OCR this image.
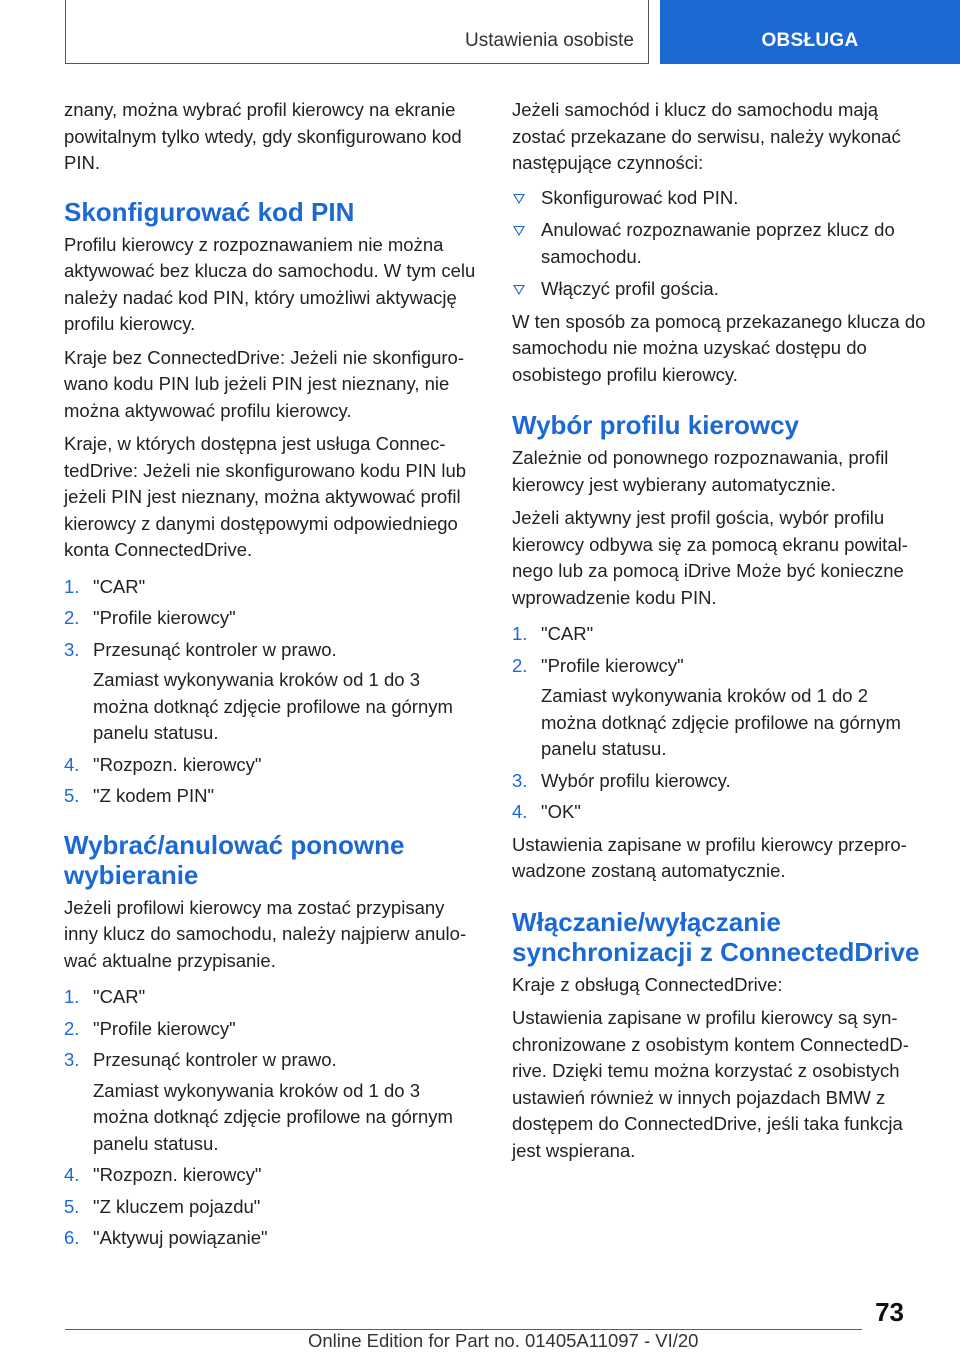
Ustawienia osobiste	OBSŁUGA

znany, można wybrać profil kierowcy na ekranie powitalnym tylko wtedy, gdy skonfigurowano kod PIN.

Skonfigurować kod PIN

Profilu kierowcy z rozpoznawaniem nie można aktywować bez klucza do samochodu. W tym celu należy nadać kod PIN, który umożliwi aktywację profilu kierowcy.

Kraje bez ConnectedDrive: Jeżeli nie skonfigurowano kodu PIN lub jeżeli PIN jest nieznany, nie można aktywować profilu kierowcy.

Kraje, w których dostępna jest usługa ConnectedDrive: Jeżeli nie skonfigurowano kodu PIN lub jeżeli PIN jest nieznany, można aktywować profil kierowcy z danymi dostępowymi odpowiedniego konta ConnectedDrive.

1. "CAR"
2. "Profile kierowcy"
3. Przesunąć kontroler w prawo.
Zamiast wykonywania kroków od 1 do 3 można dotknąć zdjęcie profilowe na górnym panelu statusu.
4. "Rozpozn. kierowcy"
5. "Z kodem PIN"
Wybrać/anulować ponowne wybieranie

Jeżeli profilowi kierowcy ma zostać przypisany inny klucz do samochodu, należy najpierw anulować aktualne przypisanie.

1. "CAR"
2. "Profile kierowcy"
3. Przesunąć kontroler w prawo.
Zamiast wykonywania kroków od 1 do 3 można dotknąć zdjęcie profilowe na górnym panelu statusu.
4. "Rozpozn. kierowcy"
5. "Z kluczem pojazdu"
6. "Aktywuj powiązanie"

Jeżeli samochód i klucz do samochodu mają zostać przekazane do serwisu, należy wykonać następujące czynności:

Skonfigurować kod PIN.
Anulować rozpoznawanie poprzez klucz do samochodu.
Włączyć profil gościa.

W ten sposób za pomocą przekazanego klucza do samochodu nie można uzyskać dostępu do osobistego profilu kierowcy.

Wybór profilu kierowcy

Zależnie od ponownego rozpoznawania, profil kierowcy jest wybierany automatycznie.

Jeżeli aktywny jest profil gościa, wybór profilu kierowcy odbywa się za pomocą ekranu powitalnego lub za pomocą iDrive Może być konieczne wprowadzenie kodu PIN.

1. "CAR"
2. "Profile kierowcy"
Zamiast wykonywania kroków od 1 do 2 można dotknąć zdjęcie profilowe na górnym panelu statusu.
3. Wybór profilu kierowcy.
4. "OK"

Ustawienia zapisane w profilu kierowcy przeprowadzone zostaną automatycznie.

Włączanie/wyłączanie synchronizacji z ConnectedDrive

Kraje z obsługą ConnectedDrive:

Ustawienia zapisane w profilu kierowcy są synchronizowane z osobistym kontem ConnectedDrive. Dzięki temu można korzystać z osobistych ustawień również w innych pojazdach BMW z dostępem do ConnectedDrive, jeśli taka funkcja jest wspierana.

73
Online Edition for Part no. 01405A11097 - VI/20
